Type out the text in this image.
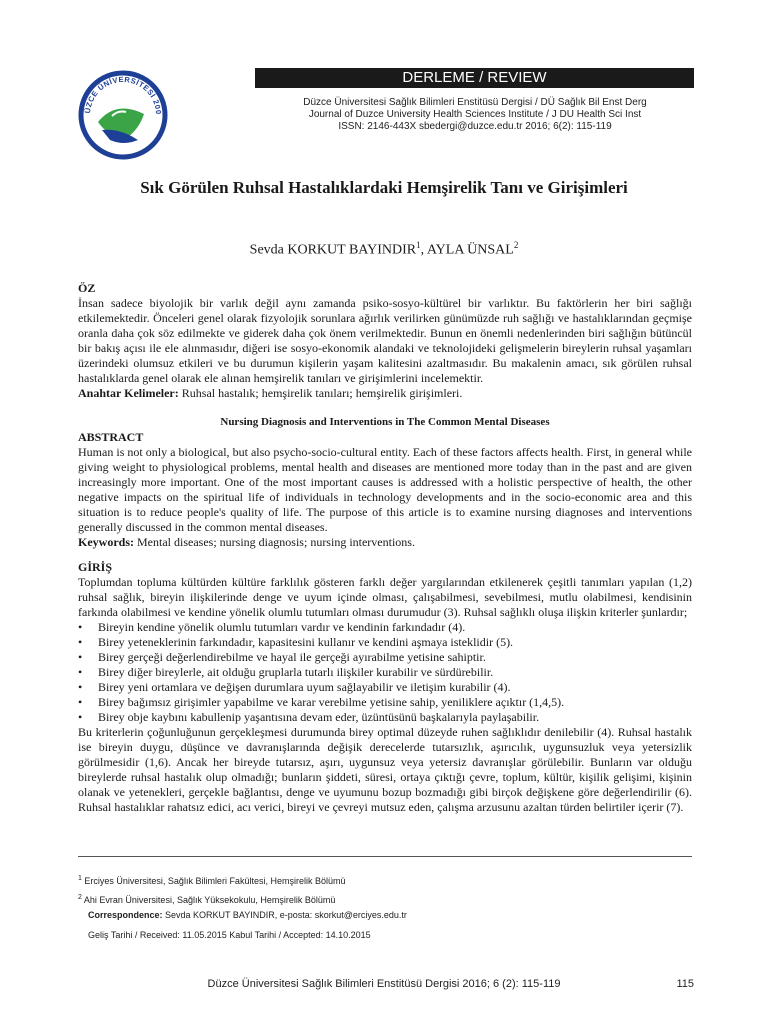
ÜZCE ÜNİVERSİTESİ 200
DERLEME / REVIEW
Düzce Üniversitesi Sağlık Bilimleri Enstitüsü Dergisi / DÜ Sağlık Bil Enst Derg
Journal of Duzce University Health Sciences Institute / J DU Health Sci Inst
ISSN: 2146-443X sbedergi@duzce.edu.tr 2016; 6(2): 115-119
Sık Görülen Ruhsal Hastalıklardaki Hemşirelik Tanı ve Girişimleri
Sevda KORKUT BAYINDIR$^1$, AYLA ÜNSAL$^2$

ÖZ

İnsan sadece biyolojik bir varlık değil aynı zamanda psiko-sosyo-kültürel bir varlıktır. Bu faktörlerin her biri sağlığı etkilemektedir. Önceleri genel olarak fizyolojik sorunlara ağırlık verilirken günümüzde ruh sağlığı ve hastalıklarından geçmişe oranla daha çok söz edilmekte ve giderek daha çok önem verilmektedir. Bunun en önemli nedenlerinden biri sağlığın bütüncül bir bakış açısı ile ele alınmasıdır, diğeri ise sosyo-ekonomik alandaki ve teknolojideki gelişmelerin bireylerin ruhsal yaşamları üzerindeki olumsuz etkileri ve bu durumun kişilerin yaşam kalitesini azaltmasıdır. Bu makalenin amacı, sık görülen ruhsal hastalıklarda genel olarak ele alınan hemşirelik tanıları ve girişimlerini incelemektir.

Anahtar Kelimeler: Ruhsal hastalık; hemşirelik tanıları; hemşirelik girişimleri.

Nursing Diagnosis and Interventions in The Common Mental Diseases

ABSTRACT

Human is not only a biological, but also psycho-socio-cultural entity. Each of these factors affects health. First, in general while giving weight to physiological problems, mental health and diseases are mentioned more today than in the past and are given increasingly more important. One of the most important causes is addressed with a holistic perspective of health, the other negative impacts on the spiritual life of individuals in technology developments and in the socio-economic area and this situation is to reduce people's quality of life. The purpose of this article is to examine nursing diagnoses and interventions generally discussed in the common mental diseases.

Keywords: Mental diseases; nursing diagnosis; nursing interventions.

GİRİŞ

Toplumdan topluma kültürden kültüre farklılık gösteren farklı değer yargılarından etkilenerek çeşitli tanımları yapılan (1,2) ruhsal sağlık, bireyin ilişkilerinde denge ve uyum içinde olması, çalışabilmesi, sevebilmesi, mutlu olabilmesi, kendisinin farkında olabilmesi ve kendine yönelik olumlu tutumları olması durumudur (3). Ruhsal sağlıklı oluşa ilişkin kriterler şunlardır;

• Bireyin kendine yönelik olumlu tutumları vardır ve kendinin farkındadır (4).
• Birey yeteneklerinin farkındadır, kapasitesini kullanır ve kendini aşmaya isteklidir (5).
• Birey gerçeği değerlendirebilme ve hayal ile gerçeği ayırabilme yetisine sahiptir.
• Birey diğer bireylerle, ait olduğu gruplarla tutarlı ilişkiler kurabilir ve sürdürebilir.
• Birey yeni ortamlara ve değişen durumlara uyum sağlayabilir ve iletişim kurabilir (4).
• Birey bağımsız girişimler yapabilme ve karar verebilme yetisine sahip, yeniliklere açıktır (1,4,5).
• Birey obje kaybını kabullenip yaşantısına devam eder, üzüntüsünü başkalarıyla paylaşabilir.

Bu kriterlerin çoğunluğunun gerçekleşmesi durumunda birey optimal düzeyde ruhen sağlıklıdır denilebilir (4). Ruhsal hastalık ise bireyin duygu, düşünce ve davranışlarında değişik derecelerde tutarsızlık, aşırıcılık, uygunsuzluk veya yetersizlik görülmesidir (1,6). Ancak her bireyde tutarsız, aşırı, uygunsuz veya yetersiz davranışlar görülebilir. Bunların var olduğu bireylerde ruhsal hastalık olup olmadığı; bunların şiddeti, süresi, ortaya çıktığı çevre, toplum, kültür, kişilik gelişimi, kişinin olanak ve yetenekleri, gerçekle bağlantısı, denge ve uyumunu bozup bozmadığı gibi birçok değişkene göre değerlendirilir (6). Ruhsal hastalıklar rahatsız edici, acı verici, bireyi ve çevreyi mutsuz eden, çalışma arzusunu azaltan türden belirtiler içerir (7).

$^1$ Erciyes Üniversitesi, Sağlık Bilimleri Fakültesi, Hemşirelik Bölümü
$^2$ Ahi Evran Üniversitesi, Sağlık Yüksekokulu, Hemşirelik Bölümü
Correspondence: Sevda KORKUT BAYINDIR, e-posta: skorkut@erciyes.edu.tr
Geliş Tarihi / Received: 11.05.2015 Kabul Tarihi / Accepted: 14.10.2015
Düzce Üniversitesi Sağlık Bilimleri Enstitüsü Dergisi 2016; 6 (2): 115-119	115
